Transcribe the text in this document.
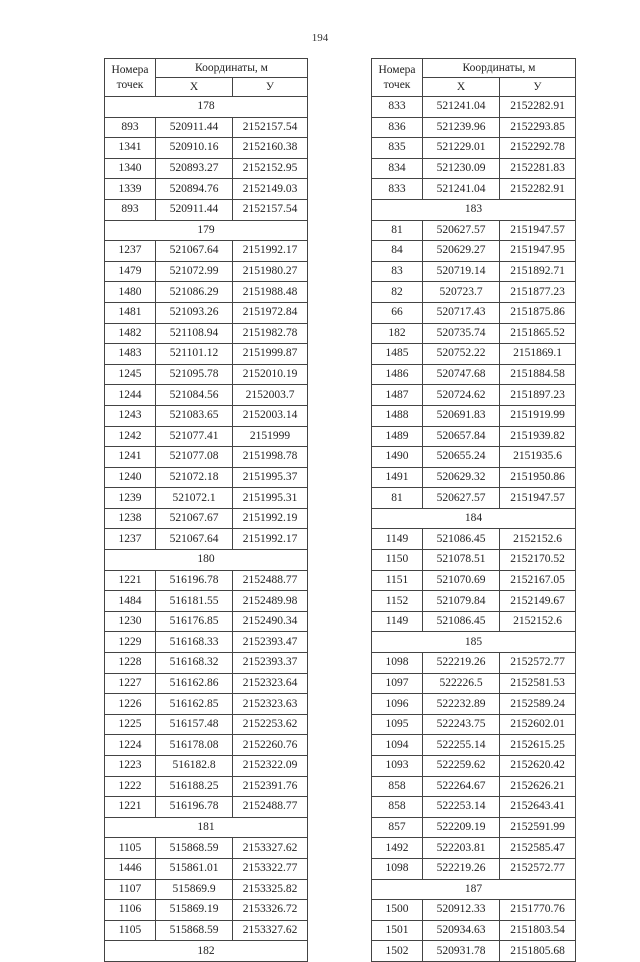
194
Номера точек	Координаты, м	
	X	У
178		
893	520911.44	2152157.54
1341	520910.16	2152160.38
1340	520893.27	2152152.95
1339	520894.76	2152149.03
893	520911.44	2152157.54
179		
1237	521067.64	2151992.17
1479	521072.99	2151980.27
1480	521086.29	2151988.48
1481	521093.26	2151972.84
1482	521108.94	2151982.78
1483	521101.12	2151999.87
1245	521095.78	2152010.19
1244	521084.56	2152003.7
1243	521083.65	2152003.14
1242	521077.41	2151999
1241	521077.08	2151998.78
1240	521072.18	2151995.37
1239	521072.1	2151995.31
1238	521067.67	2151992.19
1237	521067.64	2151992.17
180		
1221	516196.78	2152488.77
1484	516181.55	2152489.98
1230	516176.85	2152490.34
1229	516168.33	2152393.47
1228	516168.32	2152393.37
1227	516162.86	2152323.64
1226	516162.85	2152323.63
1225	516157.48	2152253.62
1224	516178.08	2152260.76
1223	516182.8	2152322.09
1222	516188.25	2152391.76
1221	516196.78	2152488.77
181		
1105	515868.59	2153327.62
1446	515861.01	2153322.77
1107	515869.9	2153325.82
1106	515869.19	2153326.72
1105	515868.59	2153327.62
182		
Номера точек	Координаты, м	
	X	У
833	521241.04	2152282.91
836	521239.96	2152293.85
835	521229.01	2152292.78
834	521230.09	2152281.83
833	521241.04	2152282.91
183		
81	520627.57	2151947.57
84	520629.27	2151947.95
83	520719.14	2151892.71
82	520723.7	2151877.23
66	520717.43	2151875.86
182	520735.74	2151865.52
1485	520752.22	2151869.1
1486	520747.68	2151884.58
1487	520724.62	2151897.23
1488	520691.83	2151919.99
1489	520657.84	2151939.82
1490	520655.24	2151935.6
1491	520629.32	2151950.86
81	520627.57	2151947.57
184		
1149	521086.45	2152152.6
1150	521078.51	2152170.52
1151	521070.69	2152167.05
1152	521079.84	2152149.67
1149	521086.45	2152152.6
185		
1098	522219.26	2152572.77
1097	522226.5	2152581.53
1096	522232.89	2152589.24
1095	522243.75	2152602.01
1094	522255.14	2152615.25
1093	522259.62	2152620.42
858	522264.67	2152626.21
858	522253.14	2152643.41
857	522209.19	2152591.99
1492	522203.81	2152585.47
1098	522219.26	2152572.77
187		
1500	520912.33	2151770.76
1501	520934.63	2151803.54
1502	520931.78	2151805.68
